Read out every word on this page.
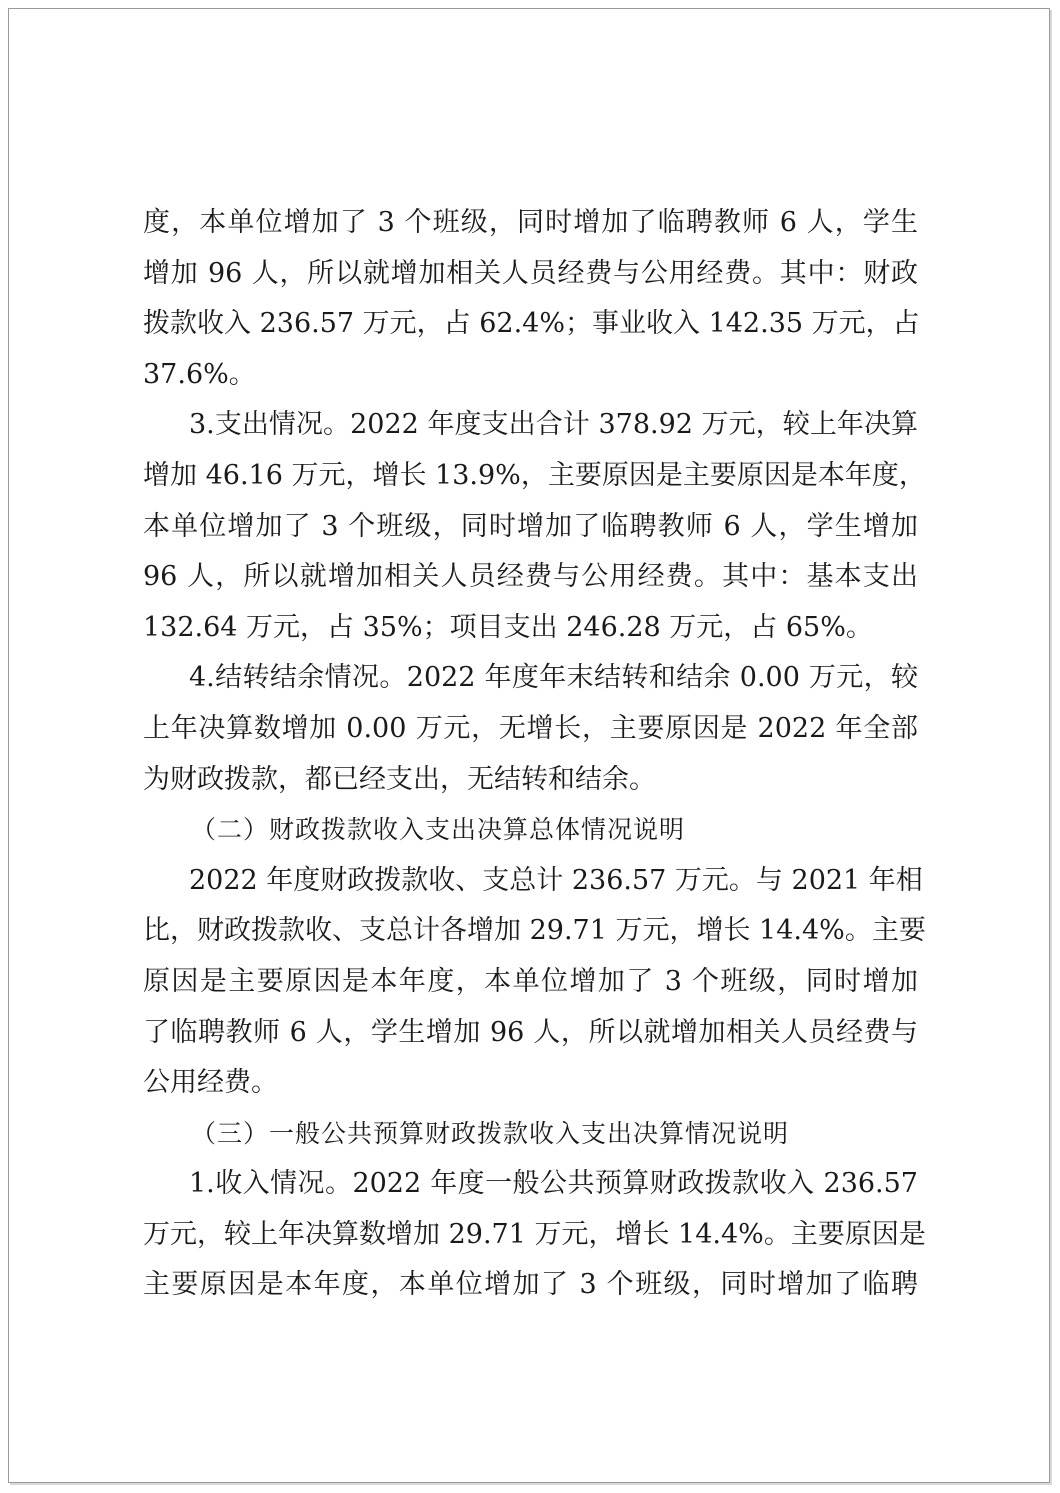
度，本单位增加了 3 个班级，同时增加了临聘教师 6 人，学生
增加 96 人，所以就增加相关人员经费与公用经费。其中：财政
拨款收入 236.57 万元，占 62.4%；事业收入 142.35 万元，占
37.6%。
3.支出情况。2022 年度支出合计 378.92 万元，较上年决算
增加 46.16 万元，增长 13.9%，主要原因是主要原因是本年度，
本单位增加了 3 个班级，同时增加了临聘教师 6 人，学生增加
96 人，所以就增加相关人员经费与公用经费。其中：基本支出
132.64 万元，占 35%；项目支出 246.28 万元，占 65%。
4.结转结余情况。2022 年度年末结转和结余 0.00 万元，较
上年决算数增加 0.00 万元，无增长，主要原因是 2022 年全部
为财政拨款，都已经支出，无结转和结余。
（二）财政拨款收入支出决算总体情况说明
2022 年度财政拨款收、支总计 236.57 万元。与 2021 年相
比，财政拨款收、支总计各增加 29.71 万元，增长 14.4%。主要
原因是主要原因是本年度，本单位增加了 3 个班级，同时增加
了临聘教师 6 人，学生增加 96 人，所以就增加相关人员经费与
公用经费。
（三）一般公共预算财政拨款收入支出决算情况说明
1.收入情况。2022 年度一般公共预算财政拨款收入 236.57
万元，较上年决算数增加 29.71 万元，增长 14.4%。主要原因是
主要原因是本年度，本单位增加了 3 个班级，同时增加了临聘
